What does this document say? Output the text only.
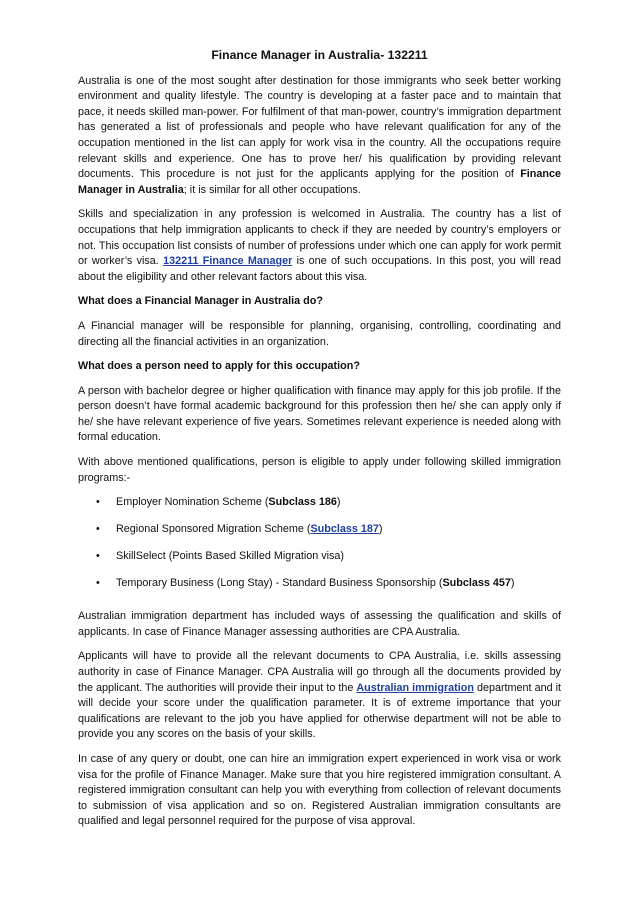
Finance Manager in Australia- 132211

Australia is one of the most sought after destination for those immigrants who seek better working environment and quality lifestyle. The country is developing at a faster pace and to maintain that pace, it needs skilled man-power. For fulfilment of that man-power, country’s immigration department has generated a list of professionals and people who have relevant qualification for any of the occupation mentioned in the list can apply for work visa in the country. All the occupations require relevant skills and experience. One has to prove her/ his qualification by providing relevant documents. This procedure is not just for the applicants applying for the position of Finance Manager in Australia; it is similar for all other occupations.

Skills and specialization in any profession is welcomed in Australia. The country has a list of occupations that help immigration applicants to check if they are needed by country’s employers or not. This occupation list consists of number of professions under which one can apply for work permit or worker’s visa. 132211 Finance Manager is one of such occupations. In this post, you will read about the eligibility and other relevant factors about this visa.

What does a Financial Manager in Australia do?

A Financial manager will be responsible for planning, organising, controlling, coordinating and directing all the financial activities in an organization.

What does a person need to apply for this occupation?

A person with bachelor degree or higher qualification with finance may apply for this job profile. If the person doesn’t have formal academic background for this profession then he/ she can apply only if he/ she have relevant experience of five years. Sometimes relevant experience is needed along with formal education.

With above mentioned qualifications, person is eligible to apply under following skilled immigration programs:-

• Employer Nomination Scheme (Subclass 186)
• Regional Sponsored Migration Scheme (Subclass 187)
• SkillSelect (Points Based Skilled Migration visa)
• Temporary Business (Long Stay) - Standard Business Sponsorship (Subclass 457)

Australian immigration department has included ways of assessing the qualification and skills of applicants. In case of Finance Manager assessing authorities are CPA Australia.

Applicants will have to provide all the relevant documents to CPA Australia, i.e. skills assessing authority in case of Finance Manager. CPA Australia will go through all the documents provided by the applicant. The authorities will provide their input to the Australian immigration department and it will decide your score under the qualification parameter. It is of extreme importance that your qualifications are relevant to the job you have applied for otherwise department will not be able to provide you any scores on the basis of your skills.

In case of any query or doubt, one can hire an immigration expert experienced in work visa or work visa for the profile of Finance Manager. Make sure that you hire registered immigration consultant. A registered immigration consultant can help you with everything from collection of relevant documents to submission of visa application and so on. Registered Australian immigration consultants are qualified and legal personnel required for the purpose of visa approval.
